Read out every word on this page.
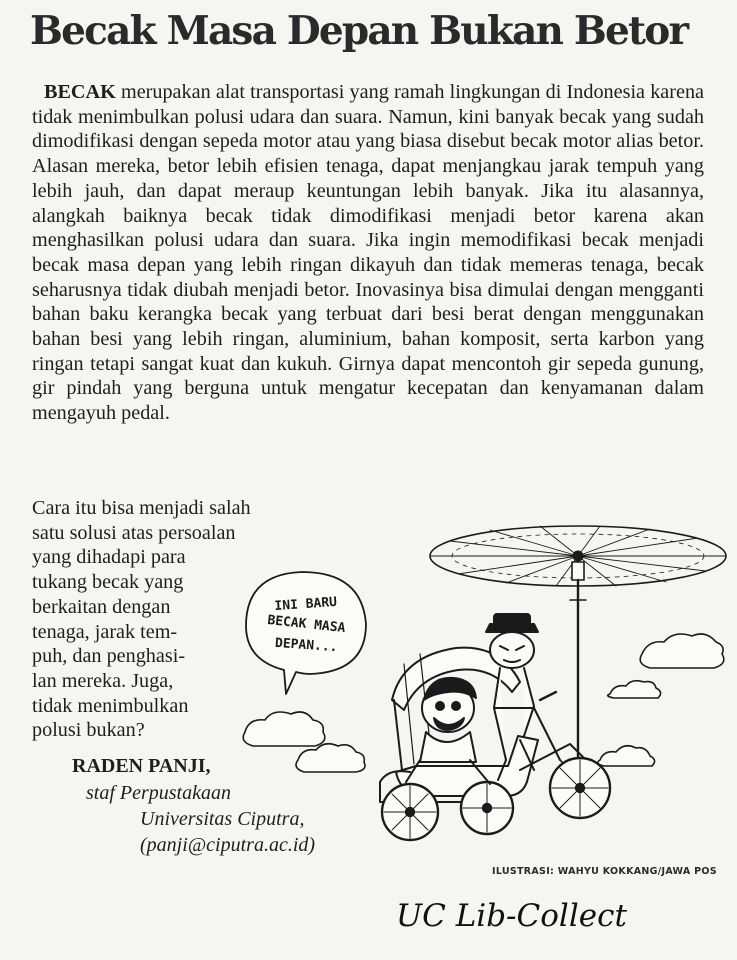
Becak Masa Depan Bukan Betor

BECAK merupakan alat transportasi yang ramah lingkungan di Indonesia karena tidak menimbulkan polusi udara dan suara. Namun, kini banyak becak yang sudah dimodifikasi dengan sepeda motor atau yang biasa disebut becak motor alias betor. Alasan mereka, betor lebih efisien tenaga, dapat menjangkau jarak tempuh yang lebih jauh, dan dapat meraup keuntungan lebih banyak. Jika itu alasannya, alangkah baiknya becak tidak dimodifikasi menjadi betor karena akan menghasilkan polusi udara dan suara. Jika ingin memodifikasi becak menjadi becak masa depan yang lebih ringan dikayuh dan tidak memeras tenaga, becak seharusnya tidak diubah menjadi betor. Inovasinya bisa dimulai dengan mengganti bahan baku kerangka becak yang terbuat dari besi berat dengan menggunakan bahan besi yang lebih ringan, aluminium, bahan komposit, serta karbon yang ringan tetapi sangat kuat dan kukuh. Girnya dapat mencontoh gir sepeda gunung, gir pindah yang berguna untuk mengatur kecepatan dan kenyamanan dalam mengayuh pedal.

Cara itu bisa menjadi salah
satu solusi atas persoalan
yang dihadapi para
tukang becak yang
berkaitan dengan
tenaga, jarak tem-
puh, dan penghasi-
lan mereka. Juga,
tidak menimbulkan
polusi bukan?
RADEN PANJI,
staf Perpustakaan
Universitas Ciputra,
(panji@ciputra.ac.id)
INI BARU
BECAK MASA
DEPAN...
ILUSTRASI: WAHYU KOKKANG/JAWA POS
UC Lib-Collect
